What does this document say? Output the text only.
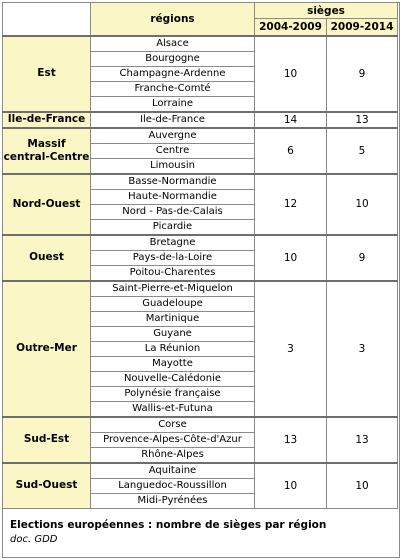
	régions	sièges	
		2004-2009	2009-2014
Est	Alsace	10	9
	Bourgogne		
	Champagne-Ardenne		
	Franche-Comté		
	Lorraine		
Ile-de-France	Ile-de-France	14	13
Massif central-Centre	Auvergne	6	5
	Centre		
	Limousin		
Nord-Ouest	Basse-Normandie	12	10
	Haute-Normandie		
	Nord - Pas-de-Calais		
	Picardie		
Ouest	Bretagne	10	9
	Pays-de-la-Loire		
	Poitou-Charentes		
Outre-Mer	Saint-Pierre-et-Miquelon	3	3
	Guadeloupe		
	Martinique		
	Guyane		
	La Réunion		
	Mayotte		
	Nouvelle-Calédonie		
	Polynésie française		
	Wallis-et-Futuna		
Sud-Est	Corse	13	13
	Provence-Alpes-Côte-d'Azur		
	Rhône-Alpes		
Sud-Ouest	Aquitaine	10	10
	Languedoc-Roussillon		
	Midi-Pyrénées		
Elections européennes : nombre de sièges par région
doc. GDD
